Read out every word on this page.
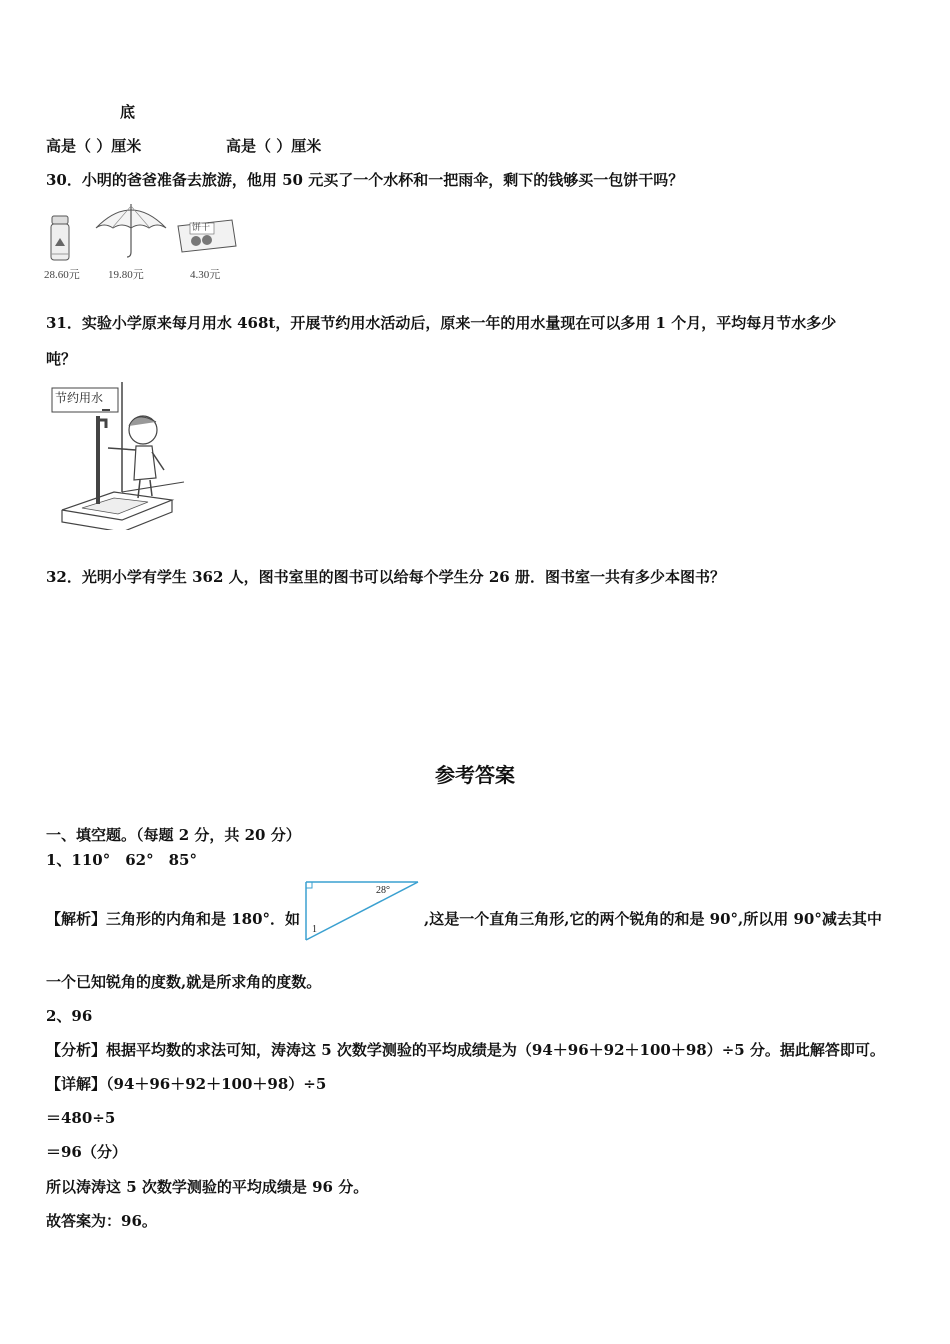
底
高是（ ）厘米	高是（ ）厘米
30．小明的爸爸准备去旅游，他用 50 元买了一个水杯和一把雨伞，剩下的钱够买一包饼干吗？
28.60元	19.80元
饼干
4.30元
31．实验小学原来每月用水 468t，开展节约用水活动后，原来一年的用水量现在可以多用 1 个月，平均每月节水多少
吨？
节约用水
32．光明小学有学生 362 人，图书室里的图书可以给每个学生分 26 册．图书室一共有多少本图书？
参考答案
一、填空题。（每题 2 分，共 20 分）
1、110°　62°　85°
【解析】三角形的内角和是 180°．如
28°
1
,这是一个直角三角形,它的两个锐角的和是 90°,所以用 90°减去其中
一个已知锐角的度数,就是所求角的度数。
2、96
【分析】根据平均数的求法可知，涛涛这 5 次数学测验的平均成绩是为（94＋96＋92＋100＋98）÷5 分。据此解答即可。
【详解】（94＋96＋92＋100＋98）÷5
＝480÷5
＝96（分）
所以涛涛这 5 次数学测验的平均成绩是 96 分。
故答案为：96。
